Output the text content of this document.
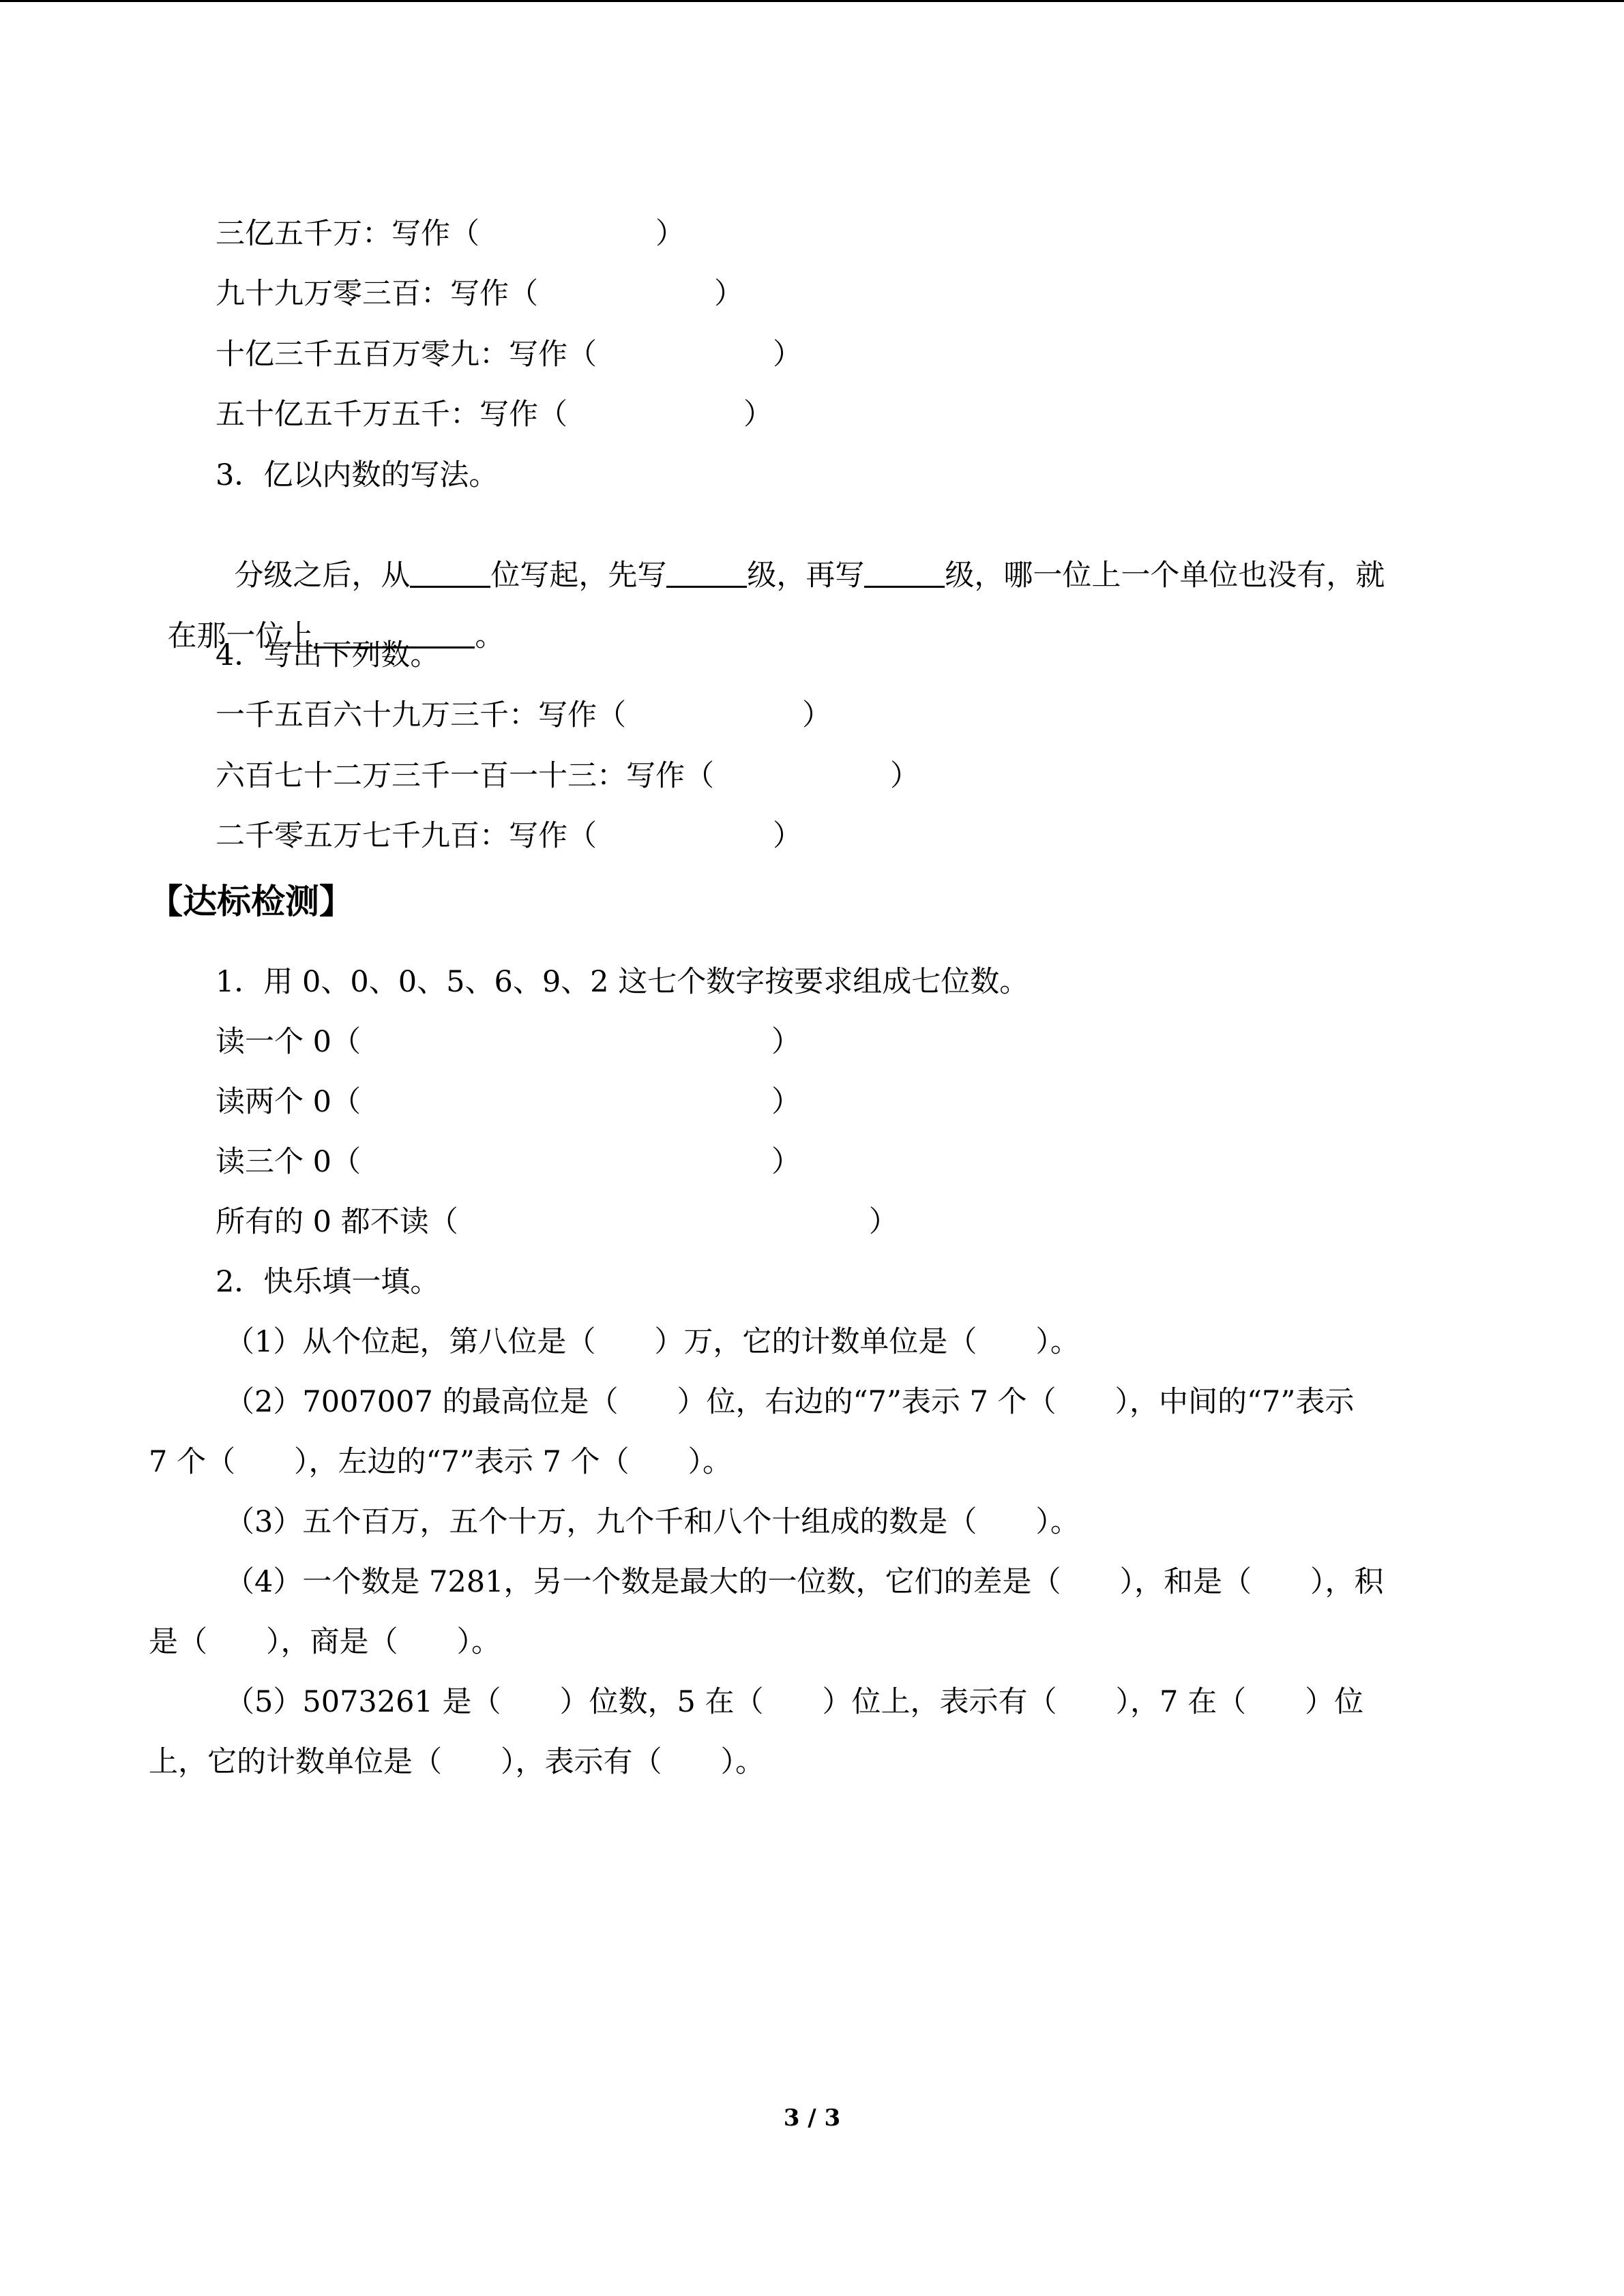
三亿五千万：写作（　　　　　　）

九十九万零三百：写作（　　　　　　）

十亿三千五百万零九：写作（　　　　　　）

五十亿五千万五千：写作（　　　　　　）

3．亿以内数的写法。

分级之后，从	位写起，先写	级，再写	级，哪一位上一个单位也没有，就

在那一位上	。

4．写出下列数。

一千五百六十九万三千：写作（　　　　　　）

六百七十二万三千一百一十三：写作（　　　　　　）

二千零五万七千九百：写作（　　　　　　）

【达标检测】

1．用 0、0、0、5、6、9、2 这七个数字按要求组成七位数。

读一个 0（　　　　　　　　　　　　　　）

读两个 0（　　　　　　　　　　　　　　）

读三个 0（　　　　　　　　　　　　　　）

所有的 0 都不读（　　　　　　　　　　　　　　）

2．快乐填一填。

（1）从个位起，第八位是（　　）万，它的计数单位是（　　）。

（2）7007007 的最高位是（　　）位，右边的“7”表示 7 个（　　），中间的“7”表示

7 个（　　），左边的“7”表示 7 个（　　）。

（3）五个百万，五个十万，九个千和八个十组成的数是（　　）。

（4）一个数是 7281，另一个数是最大的一位数，它们的差是（　　），和是（　　），积

是（　　），商是（　　）。

（5）5073261 是（　　）位数，5 在（　　）位上，表示有（　　），7 在（　　）位

上，它的计数单位是（　　），表示有（　　）。

3 / 3
